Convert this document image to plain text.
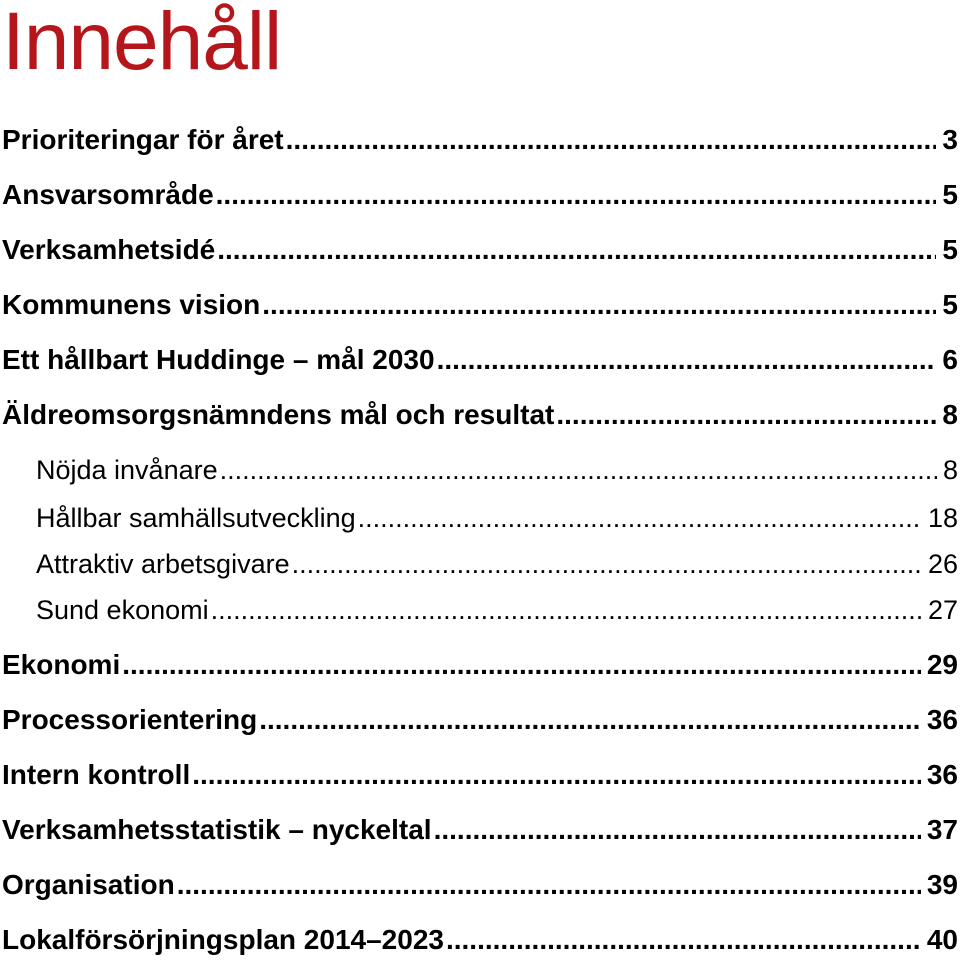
Innehåll
Prioriteringar för året .....	3
Ansvarsområde .....	5
Verksamhetsidé .....	5
Kommunens vision .....	5
Ett hållbart Huddinge – mål 2030 .....	6
Äldreomsorgsnämndens mål och resultat .....	8
Nöjda invånare .....	8
Hållbar samhällsutveckling .....	18
Attraktiv arbetsgivare .....	26
Sund ekonomi .....	27
Ekonomi .....	29
Processorientering .....	36
Intern kontroll .....	36
Verksamhetsstatistik – nyckeltal .....	37
Organisation .....	39
Lokalförsörjningsplan 2014–2023 .....	40
